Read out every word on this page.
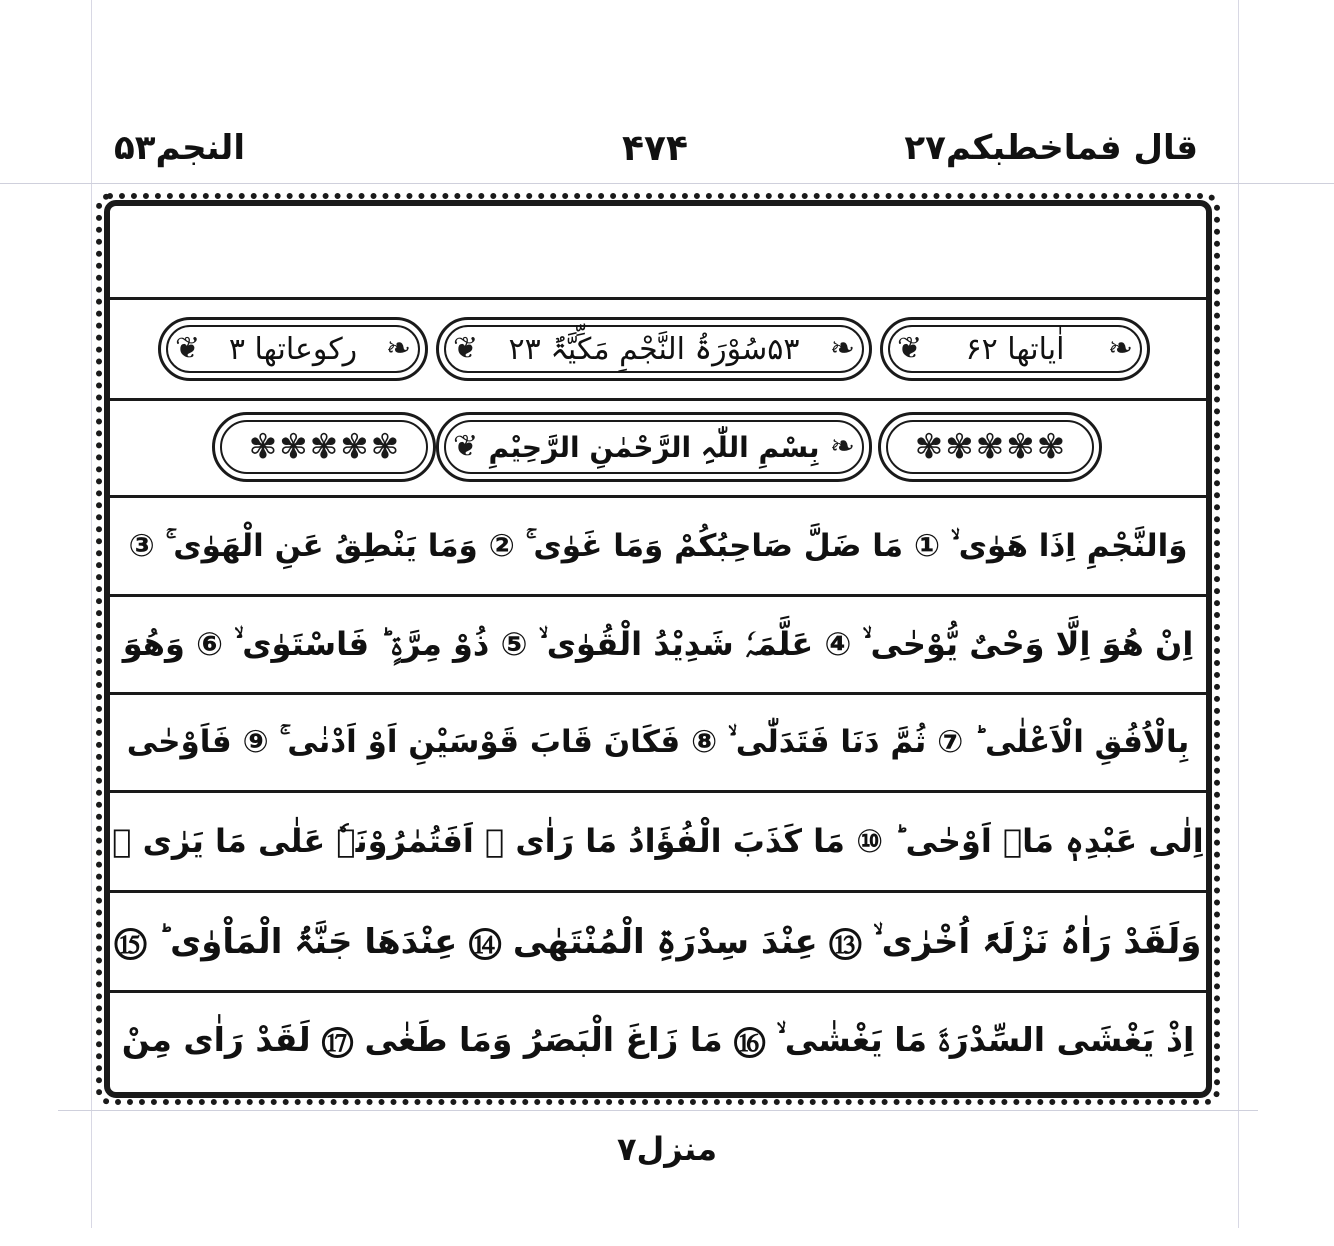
النجم۵۳	۴۷۴	قال فماخطبکم۲۷
❦ اٰیاتھا ۶۲ ❧
❦ ۵۳سُوْرَۃُ النَّجْمِ مَکِّیَّۃٌ ۲۳ ❧
❦ رکوعاتھا ۳ ❧
✾ ✾ ✾ ✾ ✾
❦ بِسْمِ اللّٰہِ الرَّحْمٰنِ الرَّحِیْمِ ❧
✾ ✾ ✾ ✾ ✾
وَالنَّجْمِ اِذَا ھَوٰی ۙ ① مَا ضَلَّ صَاحِبُکُمْ وَمَا غَوٰی ۚ ② وَمَا یَنْطِقُ عَنِ الْھَوٰی ۚ ③
اِنْ ھُوَ اِلَّا وَحْیٌ یُّوْحٰی ۙ ④ عَلَّمَہٗ شَدِیْدُ الْقُوٰی ۙ ⑤ ذُوْ مِرَّۃٍ ؕ فَاسْتَوٰی ۙ ⑥ وَھُوَ
بِالْاُفُقِ الْاَعْلٰی ؕ ⑦ ثُمَّ دَنَا فَتَدَلّٰی ۙ ⑧ فَکَانَ قَابَ قَوْسَیْنِ اَوْ اَدْنٰی ۚ ⑨ فَاَوْحٰی
اِلٰی عَبْدِہٖ مَاۤ اَوْحٰی ؕ ⑩ مَا کَذَبَ الْفُؤَادُ مَا رَاٰی ⑪ اَفَتُمٰرُوْنَہٗ عَلٰی مَا یَرٰی ⑫
وَلَقَدْ رَاٰہُ نَزْلَۃً اُخْرٰی ۙ ⑬ عِنْدَ سِدْرَۃِ الْمُنْتَھٰی ⑭ عِنْدَھَا جَنَّۃُ الْمَاْوٰی ؕ ⑮
اِذْ یَغْشَی السِّدْرَۃَ مَا یَغْشٰی ۙ ⑯ مَا زَاغَ الْبَصَرُ وَمَا طَغٰی ⑰ لَقَدْ رَاٰی مِنْ
منزل۷
